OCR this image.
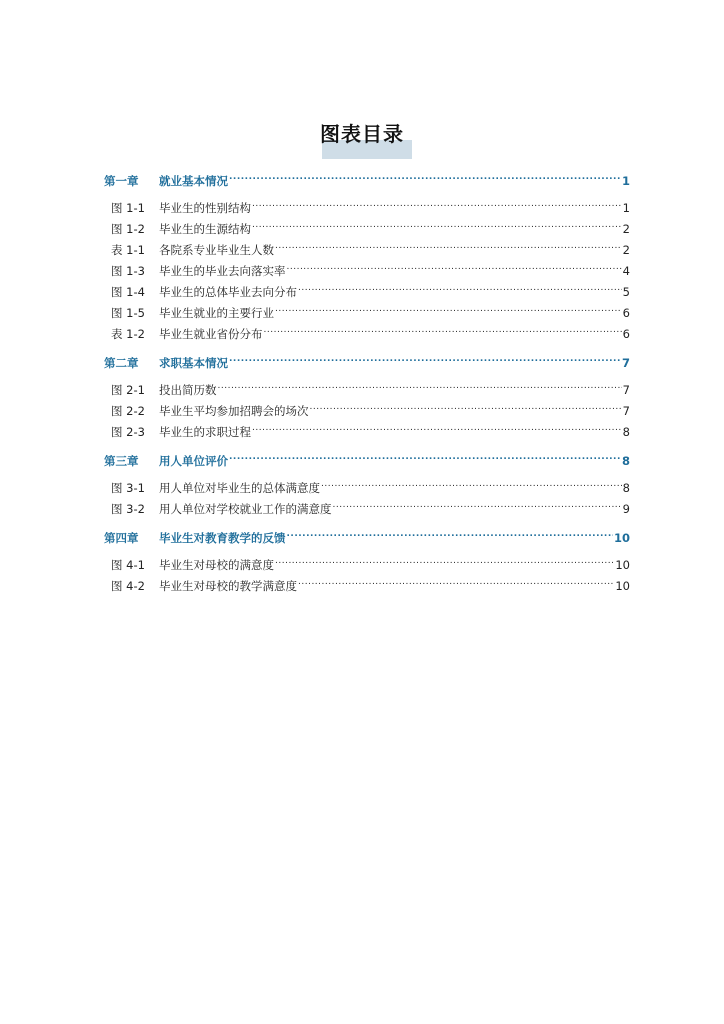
图表目录
第一章	就业基本情况 .....	1
图 1-1	毕业生的性别结构 .....	1
图 1-2	毕业生的生源结构 .....	2
表 1-1	各院系专业毕业生人数 .....	2
图 1-3	毕业生的毕业去向落实率 .....	4
图 1-4	毕业生的总体毕业去向分布 .....	5
图 1-5	毕业生就业的主要行业 .....	6
表 1-2	毕业生就业省份分布 .....	6
第二章	求职基本情况 .....	7
图 2-1	投出简历数 .....	7
图 2-2	毕业生平均参加招聘会的场次 .....	7
图 2-3	毕业生的求职过程 .....	8
第三章	用人单位评价 .....	8
图 3-1	用人单位对毕业生的总体满意度 .....	8
图 3-2	用人单位对学校就业工作的满意度 .....	9
第四章	毕业生对教育教学的反馈 .....	10
图 4-1	毕业生对母校的满意度 .....	10
图 4-2	毕业生对母校的教学满意度 .....	10
